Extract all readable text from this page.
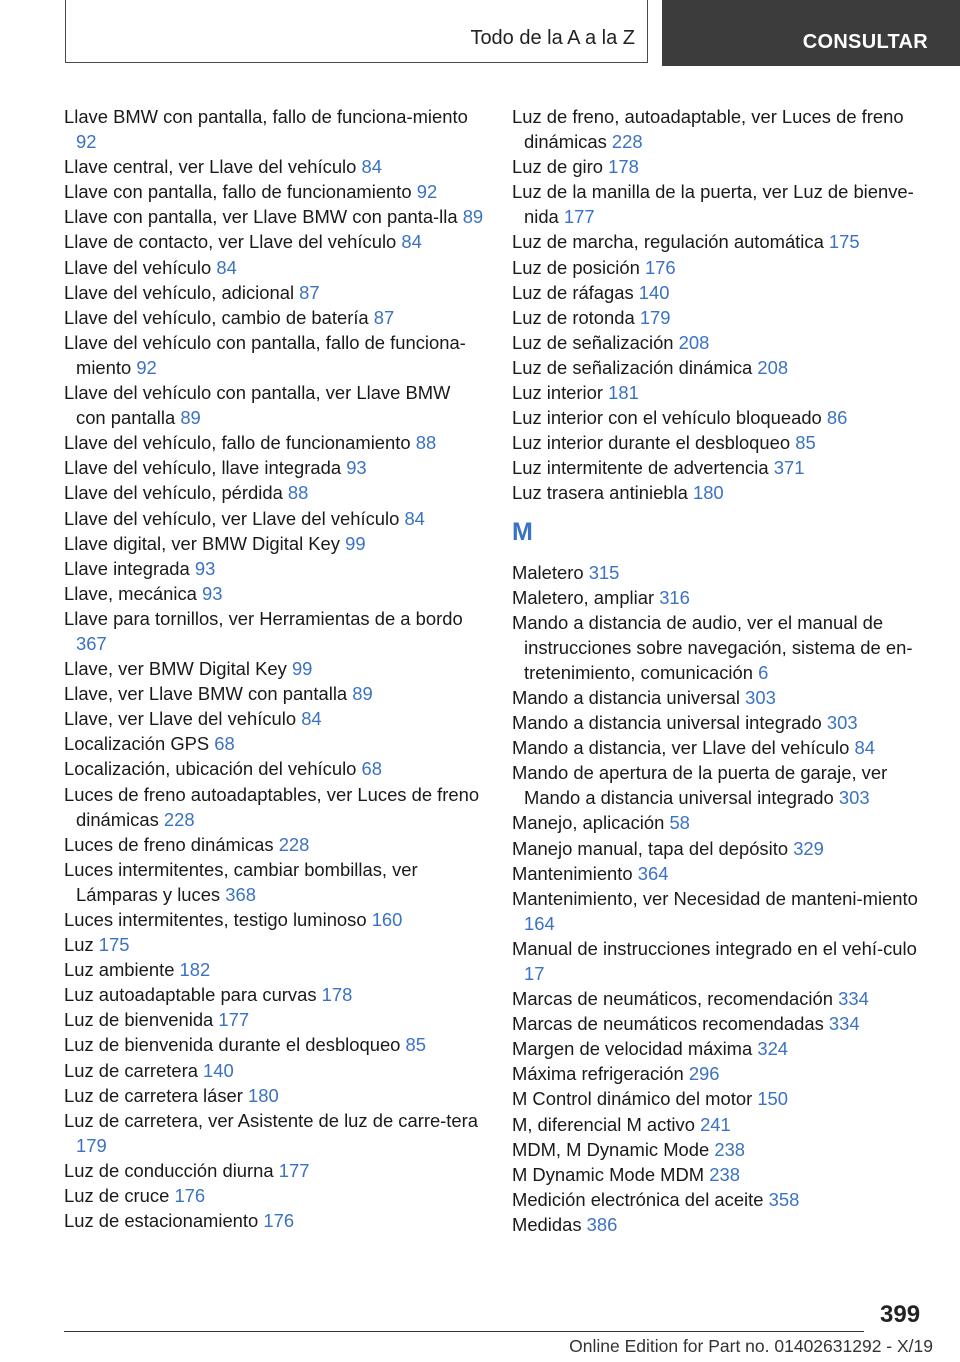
Todo de la A a la Z	CONSULTAR
Llave BMW con pantalla, fallo de funciona‐miento 92
Llave central, ver Llave del vehículo 84
Llave con pantalla, fallo de funcionamiento 92
Llave con pantalla, ver Llave BMW con panta‐lla 89
Llave de contacto, ver Llave del vehículo 84
Llave del vehículo 84
Llave del vehículo, adicional 87
Llave del vehículo, cambio de batería 87
Llave del vehículo con pantalla, fallo de funciona‐miento 92
Llave del vehículo con pantalla, ver Llave BMW con pantalla 89
Llave del vehículo, fallo de funcionamiento 88
Llave del vehículo, llave integrada 93
Llave del vehículo, pérdida 88
Llave del vehículo, ver Llave del vehículo 84
Llave digital, ver BMW Digital Key 99
Llave integrada 93
Llave, mecánica 93
Llave para tornillos, ver Herramientas de a bordo 367
Llave, ver BMW Digital Key 99
Llave, ver Llave BMW con pantalla 89
Llave, ver Llave del vehículo 84
Localización GPS 68
Localización, ubicación del vehículo 68
Luces de freno autoadaptables, ver Luces de freno dinámicas 228
Luces de freno dinámicas 228
Luces intermitentes, cambiar bombillas, ver Lámparas y luces 368
Luces intermitentes, testigo luminoso 160
Luz 175
Luz ambiente 182
Luz autoadaptable para curvas 178
Luz de bienvenida 177
Luz de bienvenida durante el desbloqueo 85
Luz de carretera 140
Luz de carretera láser 180
Luz de carretera, ver Asistente de luz de carre‐tera 179
Luz de conducción diurna 177
Luz de cruce 176
Luz de estacionamiento 176
Luz de freno, autoadaptable, ver Luces de freno dinámicas 228
Luz de giro 178
Luz de la manilla de la puerta, ver Luz de bienve‐nida 177
Luz de marcha, regulación automática 175
Luz de posición 176
Luz de ráfagas 140
Luz de rotonda 179
Luz de señalización 208
Luz de señalización dinámica 208
Luz interior 181
Luz interior con el vehículo bloqueado 86
Luz interior durante el desbloqueo 85
Luz intermitente de advertencia 371
Luz trasera antiniebla 180
M
Maletero 315
Maletero, ampliar 316
Mando a distancia de audio, ver el manual de instrucciones sobre navegación, sistema de en‐tretenimiento, comunicación 6
Mando a distancia universal 303
Mando a distancia universal integrado 303
Mando a distancia, ver Llave del vehículo 84
Mando de apertura de la puerta de garaje, ver Mando a distancia universal integrado 303
Manejo, aplicación 58
Manejo manual, tapa del depósito 329
Mantenimiento 364
Mantenimiento, ver Necesidad de manteni‐miento 164
Manual de instrucciones integrado en el vehí‐culo 17
Marcas de neumáticos, recomendación 334
Marcas de neumáticos recomendadas 334
Margen de velocidad máxima 324
Máxima refrigeración 296
M Control dinámico del motor 150
M, diferencial M activo 241
MDM, M Dynamic Mode 238
M Dynamic Mode MDM 238
Medición electrónica del aceite 358
Medidas 386
399
Online Edition for Part no. 01402631292 - X/19
